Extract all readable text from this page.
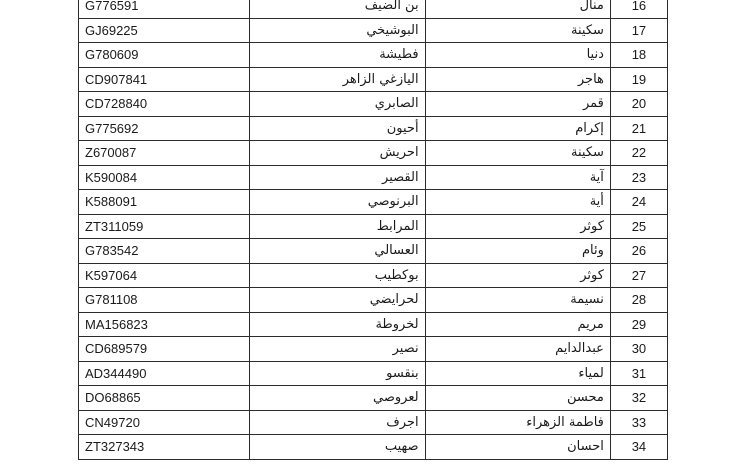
G776591	بن الضيف	منال	16
GJ69225	البوشيخي	سكينة	17
G780609	فطيشة	دنيا	18
CD907841	اليازغي الزاهر	هاجر	19
CD728840	الصابري	قمر	20
G775692	أحيون	إكرام	21
Z670087	احريش	سكينة	22
K590084	القصير	آية	23
K588091	البرنوصي	أية	24
ZT311059	المرابط	كوثر	25
G783542	العسالي	وئام	26
K597064	بوكطيب	كوثر	27
G781108	لحرايضي	نسيمة	28
MA156823	لخروطة	مريم	29
CD689579	نصير	عبدالدايم	30
AD344490	بنقسو	لمياء	31
DO68865	لعروصي	محسن	32
CN49720	اجرف	فاطمة الزهراء	33
ZT327343	صهيب	احسان	34
